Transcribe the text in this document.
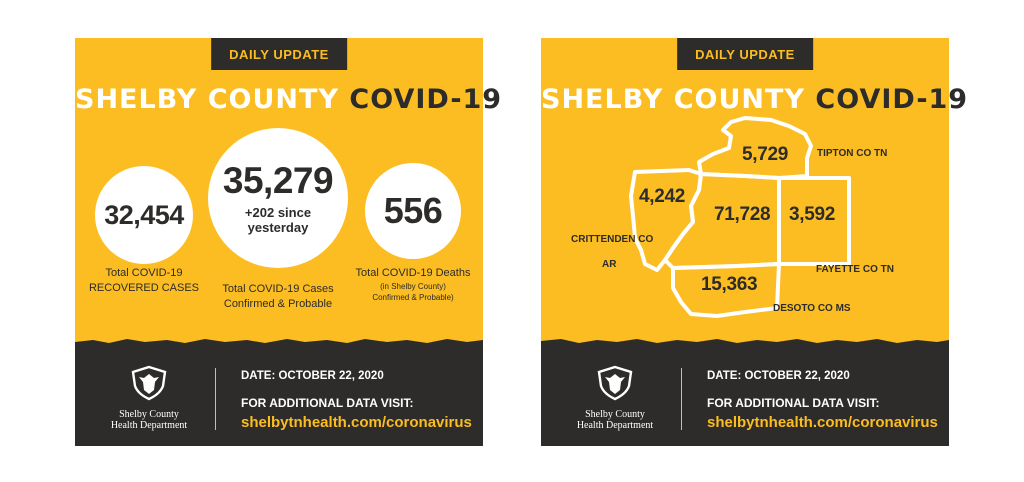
DAILY UPDATE
SHELBY COUNTY COVID-19
32,454
35,279
+202 since
yesterday 556
Total COVID-19
RECOVERED CASES	Total COVID-19 Cases
Confirmed & Probable
Total COVID-19 Deaths
(in Shelby County)
Confirmed & Probable)
Shelby County
Health Department
DATE: OCTOBER 22, 2020
FOR ADDITIONAL DATA VISIT:
shelbytnhealth.com/coronavirus
DAILY UPDATE
SHELBY COUNTY COVID-19
5,729	TIPTON CO TN
4,242
CRITTENDEN CO
AR
71,728 3,592
FAYETTE CO TN
15,363
DESOTO CO MS
Shelby County
Health Department
DATE: OCTOBER 22, 2020
FOR ADDITIONAL DATA VISIT:
shelbytnhealth.com/coronavirus
